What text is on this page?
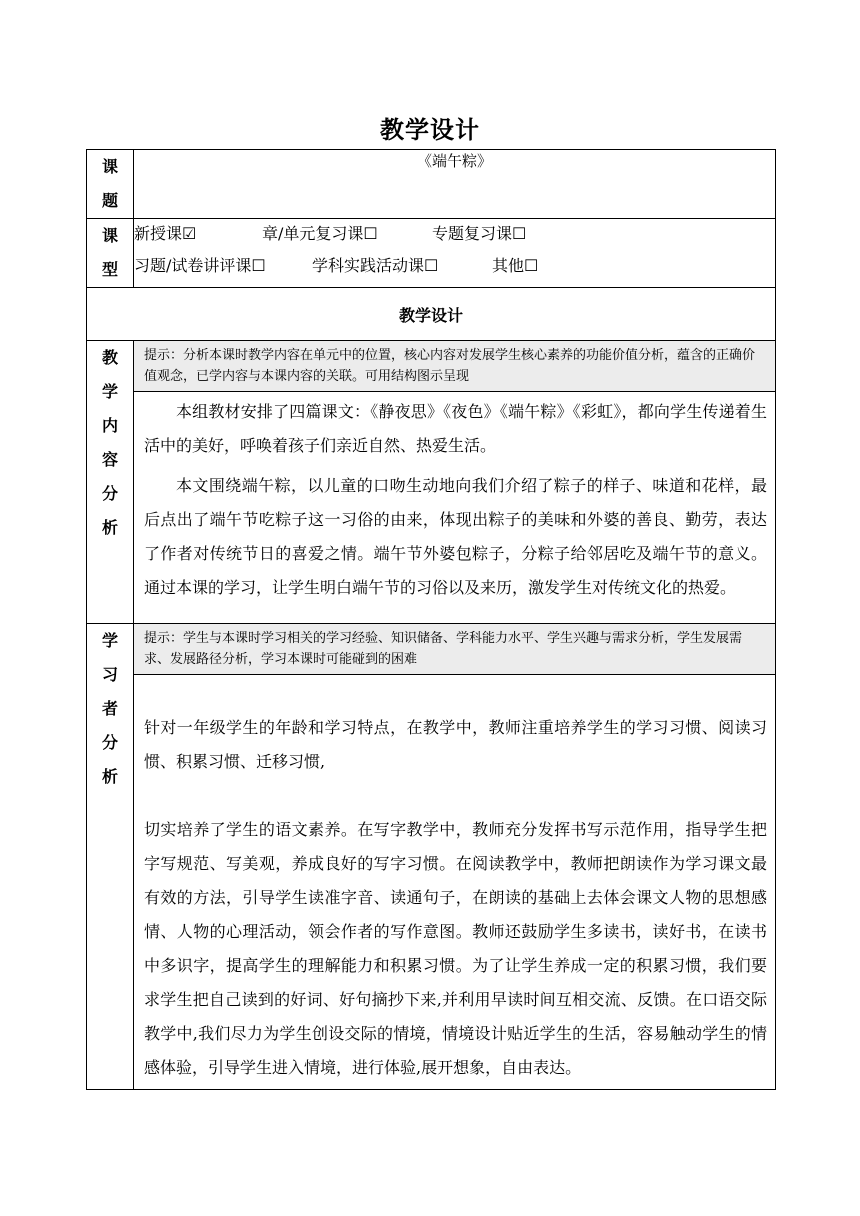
教学设计
课题	《端午粽》
课型	新授课☑ 章/单元复习课☐ 专题复习课☐
习题/试卷讲评课☐ 学科实践活动课☐ 其他☐

教学设计	
教学内容分析	提示：分析本课时教学内容在单元中的位置，核心内容对发展学生核心素养的功能价值分析，蕴含的正确价值观念，已学内容与本课内容的关联。可用结构图示呈现

本组教材安排了四篇课文：《静夜思》《夜色》《端午粽》《彩虹》，都向学生传递着生活中的美好，呼唤着孩子们亲近自然、热爱生活。

本文围绕端午粽，以儿童的口吻生动地向我们介绍了粽子的样子、味道和花样，最后点出了端午节吃粽子这一习俗的由来，体现出粽子的美味和外婆的善良、勤劳，表达了作者对传统节日的喜爱之情。端午节外婆包粽子，分粽子给邻居吃及端午节的意义。通过本课的学习，让学生明白端午节的习俗以及来历，激发学生对传统文化的热爱。

学习者分析	提示：学生与本课时学习相关的学习经验、知识储备、学科能力水平、学生兴趣与需求分析，学生发展需求、发展路径分析，学习本课时可能碰到的困难

针对一年级学生的年龄和学习特点，在教学中，教师注重培养学生的学习习惯、阅读习惯、积累习惯、迁移习惯,

切实培养了学生的语文素养。在写字教学中，教师充分发挥书写示范作用，指导学生把字写规范、写美观，养成良好的写字习惯。在阅读教学中，教师把朗读作为学习课文最有效的方法，引导学生读准字音、读通句子，在朗读的基础上去体会课文人物的思想感情、人物的心理活动，领会作者的写作意图。教师还鼓励学生多读书，读好书，在读书中多识字，提高学生的理解能力和积累习惯。为了让学生养成一定的积累习惯，我们要求学生把自己读到的好词、好句摘抄下来,并利用早读时间互相交流、反馈。在口语交际教学中,我们尽力为学生创设交际的情境，情境设计贴近学生的生活，容易触动学生的情感体验，引导学生进入情境，进行体验,展开想象，自由表达。
